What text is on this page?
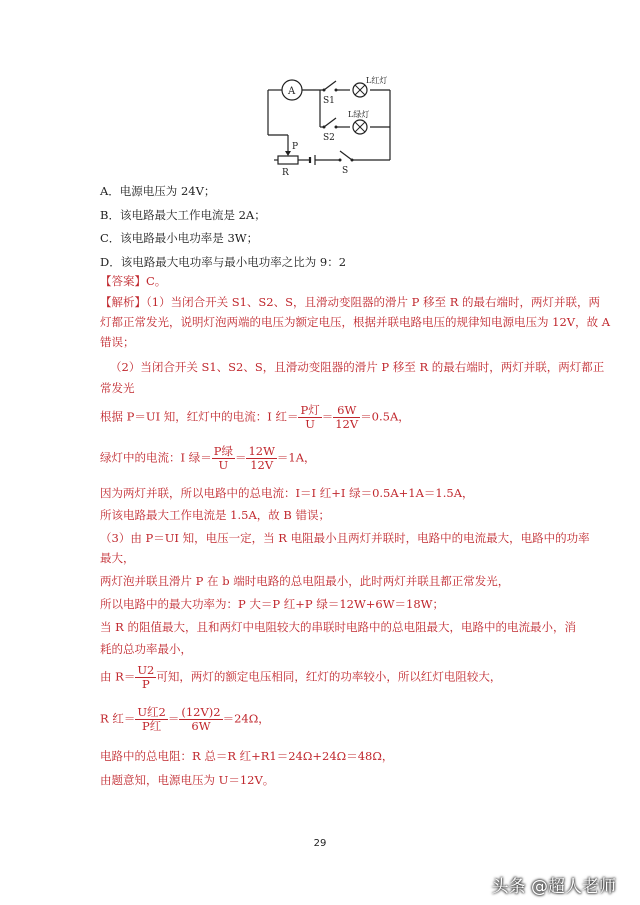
A
S1
S2
S
L红灯
L绿灯
P
R
A．电源电压为 24V；
B．该电路最大工作电流是 2A；
C．该电路最小电功率是 3W；
D．该电路最大电功率与最小电功率之比为 9：2
【答案】C。
【解析】（1）当闭合开关 S1、S2、S，且滑动变阻器的滑片 P 移至 R 的最右端时，两灯并联，两
灯都正常发光，说明灯泡两端的电压为额定电压，根据并联电路电压的规律知电源电压为 12V，故 A
错误；
（2）当闭合开关 S1、S2、S，且滑动变阻器的滑片 P 移至 R 的最右端时，两灯并联，两灯都正
常发光
根据 P＝UI 知，红灯中的电流：I 红＝ $\frac{\text{P灯}}{U} = \frac{6W}{12V} =0.5A$，
绿灯中的电流：I 绿＝ $\frac{\text{P绿}}{U} = \frac{12W}{12V} =1A$，
因为两灯并联，所以电路中的总电流：I＝I 红+I 绿＝0.5A+1A＝1.5A，
所该电路最大工作电流是 1.5A，故 B 错误；
（3）由 P＝UI 知，电压一定，当 R 电阻最小且两灯并联时，电路中的电流最大，电路中的功率
最大，
两灯泡并联且滑片 P 在 b 端时电路的总电阻最小，此时两灯并联且都正常发光，
所以电路中的最大功率为：P 大＝P 红+P 绿＝12W+6W＝18W；
当 R 的阻值最大，且和两灯中电阻较大的串联时电路中的总电阻最大，电路中的电流最小，消
耗的总功率最小，
由 $R= \frac{U2}{P}$ 可知，两灯的额定电压相同，红灯的功率较小，所以红灯电阻较大，
R 红＝ $\frac{\text{U红2}}{\text{P红}} = \frac{(12V)2}{6W} =24\Omega$，
电路中的总电阻：R 总＝R 红+R1＝24Ω+24Ω＝48Ω，
由题意知，电源电压为 U＝12V。
29
头条 @超人老师
